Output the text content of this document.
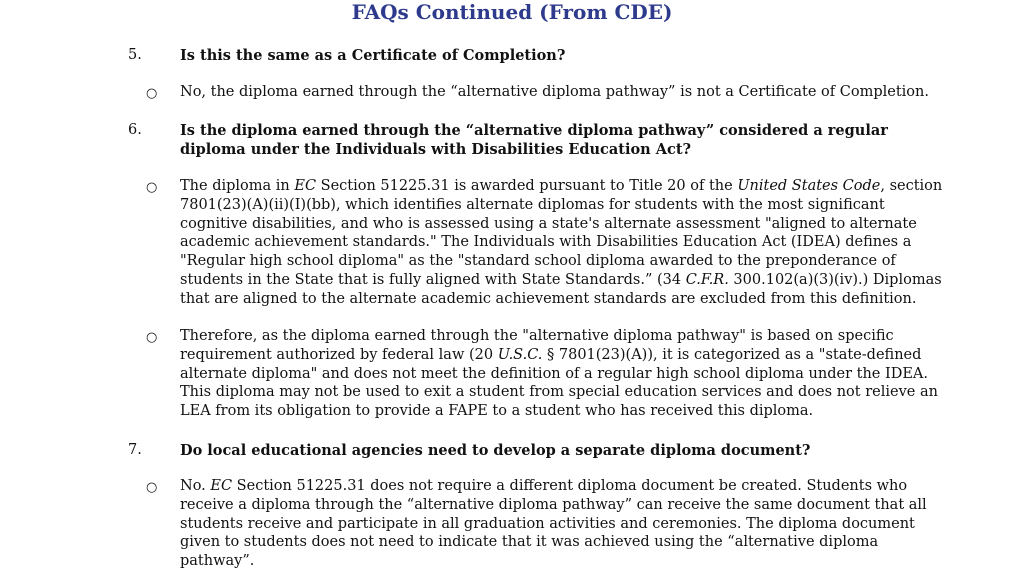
FAQs Continued (From CDE)
5.	Is this the same as a Certificate of Completion?
○ No, the diploma earned through the “alternative diploma pathway” is not a Certificate of Completion.
6.	Is the diploma earned through the “alternative diploma pathway” considered a regular diploma under the Individuals with Disabilities Education Act?
○ The diploma in EC Section 51225.31 is awarded pursuant to Title 20 of the United States Code, section 7801(23)(A)(ii)(I)(bb), which identifies alternate diplomas for students with the most significant cognitive disabilities, and who is assessed using a state's alternate assessment "aligned to alternate academic achievement standards." The Individuals with Disabilities Education Act (IDEA) defines a "Regular high school diploma" as the "standard school diploma awarded to the preponderance of students in the State that is fully aligned with State Standards.” (34 C.F.R. 300.102(a)(3)(iv).) Diplomas that are aligned to the alternate academic achievement standards are excluded from this definition.
○ Therefore, as the diploma earned through the "alternative diploma pathway" is based on specific requirement authorized by federal law (20 U.S.C. § 7801(23)(A)), it is categorized as a "state-defined alternate diploma" and does not meet the definition of a regular high school diploma under the IDEA. This diploma may not be used to exit a student from special education services and does not relieve an LEA from its obligation to provide a FAPE to a student who has received this diploma.
7.	Do local educational agencies need to develop a separate diploma document?
○ No. EC Section 51225.31 does not require a different diploma document be created. Students who receive a diploma through the “alternative diploma pathway” can receive the same document that all students receive and participate in all graduation activities and ceremonies. The diploma document given to students does not need to indicate that it was achieved using the “alternative diploma pathway”.
